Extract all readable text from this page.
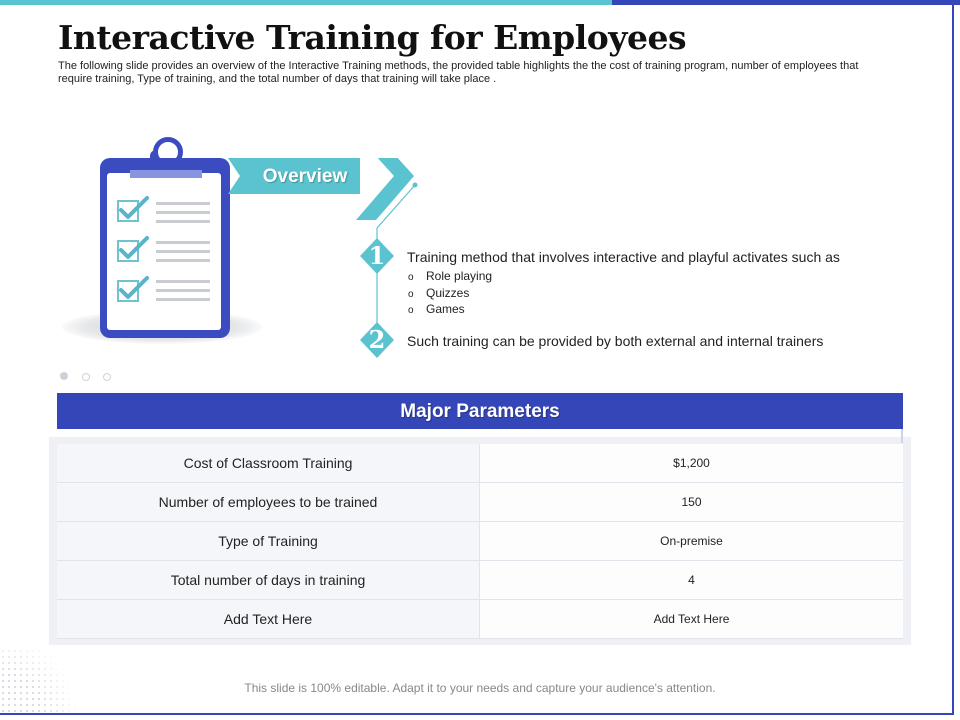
Interactive Training for Employees

The following slide provides an overview of the Interactive Training methods, the provided table highlights the the cost of training program, number of employees that require training, Type of training, and the total number of days that training will take place .

Overview
1
2

Training method that involves interactive and playful activates such as

o Role playing
o Quizzes
o Games

Such training can be provided by both external and internal trainers

Major Parameters
Cost of Classroom Training	$1,200
Number of employees to be trained	150
Type of Training	On-premise
Total number of days in training	4
Add Text Here	Add Text Here

This slide is 100% editable. Adapt it to your needs and capture your audience's attention.
